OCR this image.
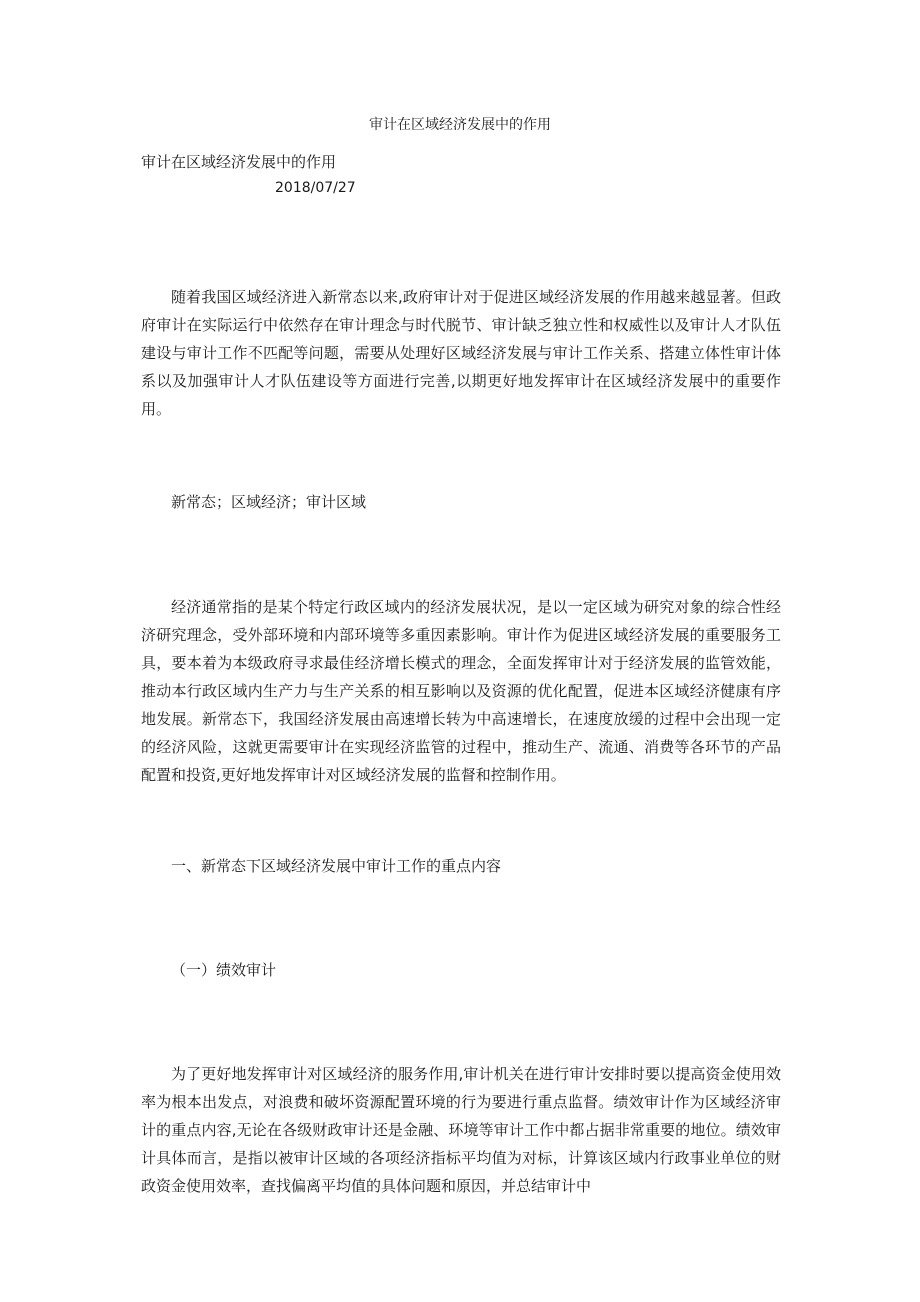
审计在区域经济发展中的作用
审计在区域经济发展中的作用
2018/07/27

随着我国区域经济进入新常态以来,政府审计对于促进区域经济发展的作用越来越显著。但政府审计在实际运行中依然存在审计理念与时代脱节、审计缺乏独立性和权威性以及审计人才队伍建设与审计工作不匹配等问题，需要从处理好区域经济发展与审计工作关系、搭建立体性审计体系以及加强审计人才队伍建设等方面进行完善,以期更好地发挥审计在区域经济发展中的重要作用。

新常态；区域经济；审计区域

经济通常指的是某个特定行政区域内的经济发展状况，是以一定区域为研究对象的综合性经济研究理念，受外部环境和内部环境等多重因素影响。审计作为促进区域经济发展的重要服务工具，要本着为本级政府寻求最佳经济增长模式的理念，全面发挥审计对于经济发展的监管效能，推动本行政区域内生产力与生产关系的相互影响以及资源的优化配置，促进本区域经济健康有序地发展。新常态下，我国经济发展由高速增长转为中高速增长，在速度放缓的过程中会出现一定的经济风险，这就更需要审计在实现经济监管的过程中，推动生产、流通、消费等各环节的产品配置和投资,更好地发挥审计对区域经济发展的监督和控制作用。

一、新常态下区域经济发展中审计工作的重点内容

（一）绩效审计

为了更好地发挥审计对区域经济的服务作用,审计机关在进行审计安排时要以提高资金使用效率为根本出发点，对浪费和破坏资源配置环境的行为要进行重点监督。绩效审计作为区域经济审计的重点内容,无论在各级财政审计还是金融、环境等审计工作中都占据非常重要的地位。绩效审计具体而言，是指以被审计区域的各项经济指标平均值为对标，计算该区域内行政事业单位的财政资金使用效率，查找偏离平均值的具体问题和原因，并总结审计中
